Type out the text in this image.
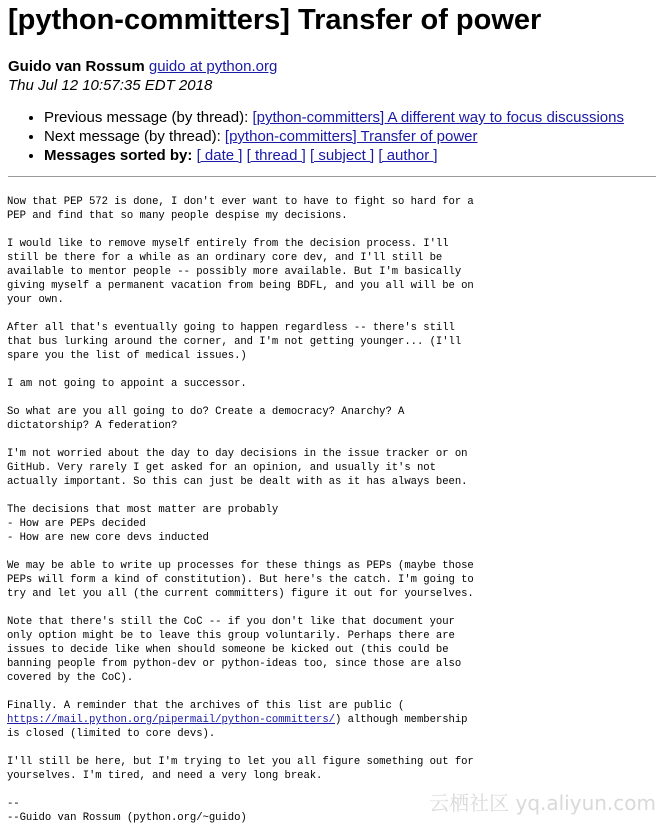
[python-committers] Transfer of power
Guido van Rossum guido at python.org
Thu Jul 12 10:57:35 EDT 2018
• Previous message (by thread): [python-committers] A different way to focus discussions
• Next message (by thread): [python-committers] Transfer of power
• Messages sorted by: [ date ] [ thread ] [ subject ] [ author ]
Now that PEP 572 is done, I don't ever want to have to fight so hard for a
PEP and find that so many people despise my decisions.

I would like to remove myself entirely from the decision process. I'll
still be there for a while as an ordinary core dev, and I'll still be
available to mentor people -- possibly more available. But I'm basically
giving myself a permanent vacation from being BDFL, and you all will be on
your own.

After all that's eventually going to happen regardless -- there's still
that bus lurking around the corner, and I'm not getting younger... (I'll
spare you the list of medical issues.)

I am not going to appoint a successor.

So what are you all going to do? Create a democracy? Anarchy? A
dictatorship? A federation?

I'm not worried about the day to day decisions in the issue tracker or on
GitHub. Very rarely I get asked for an opinion, and usually it's not
actually important. So this can just be dealt with as it has always been.

The decisions that most matter are probably
- How are PEPs decided
- How are new core devs inducted

We may be able to write up processes for these things as PEPs (maybe those
PEPs will form a kind of constitution). But here's the catch. I'm going to
try and let you all (the current committers) figure it out for yourselves.

Note that there's still the CoC -- if you don't like that document your
only option might be to leave this group voluntarily. Perhaps there are
issues to decide like when should someone be kicked out (this could be
banning people from python-dev or python-ideas too, since those are also
covered by the CoC).

Finally. A reminder that the archives of this list are public (
https://mail.python.org/pipermail/python-committers/) although membership
is closed (limited to core devs).

I'll still be here, but I'm trying to let you all figure something out for
yourselves. I'm tired, and need a very long break.

--
--Guido van Rossum (python.org/~guido)
云栖社区 yq.aliyun.com
